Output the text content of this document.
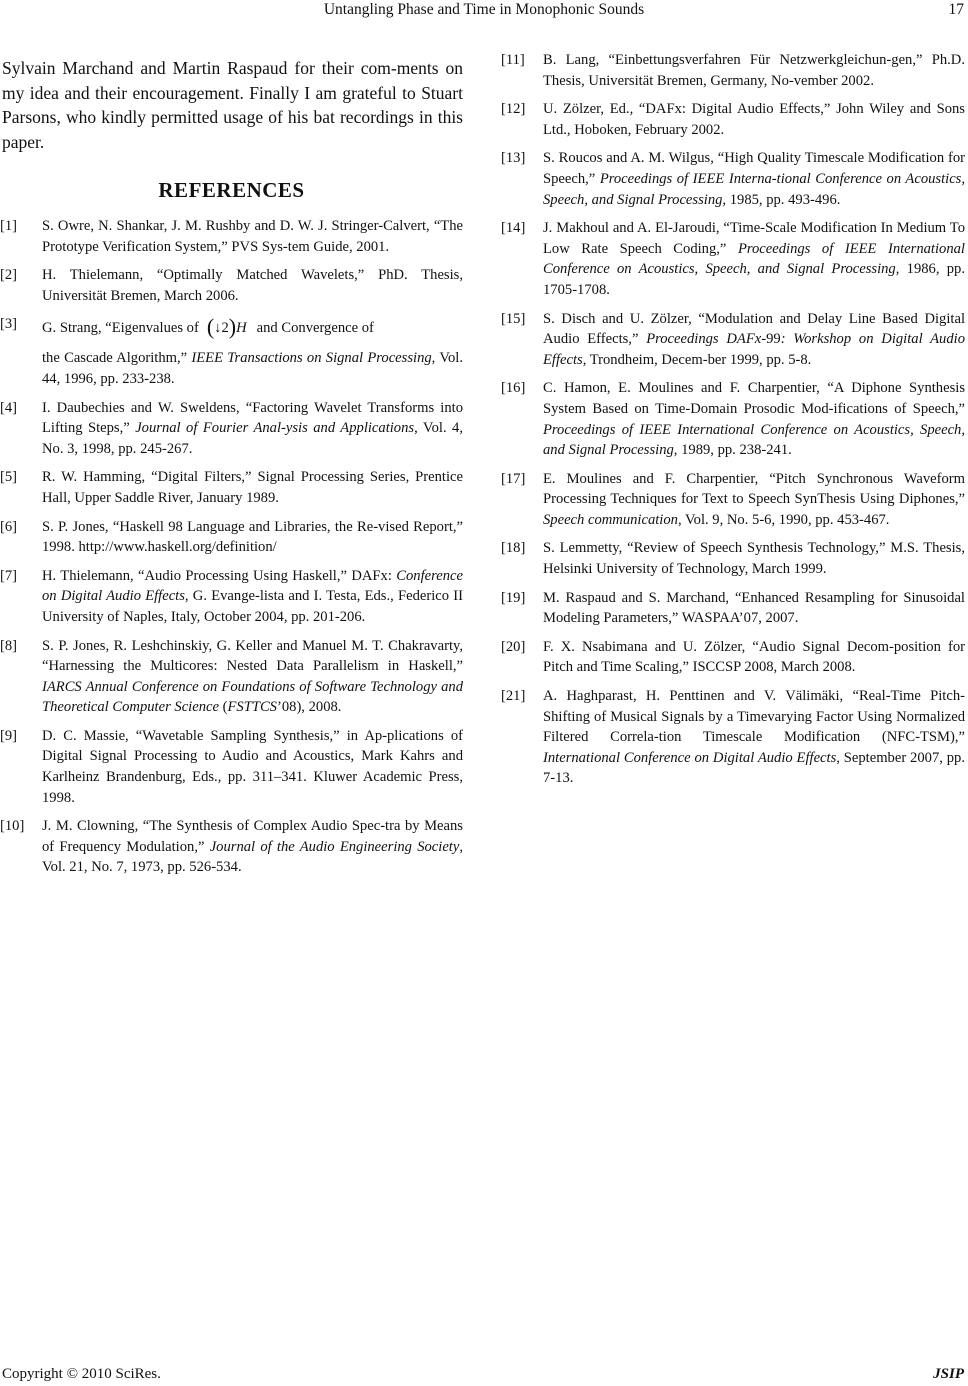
Untangling Phase and Time in Monophonic Sounds	17

Sylvain Marchand and Martin Raspaud for their com-ments on my idea and their encouragement. Finally I am grateful to Stuart Parsons, who kindly permitted usage of his bat recordings in this paper.

REFERENCES
[1]	S. Owre, N. Shankar, J. M. Rushby and D. W. J. Stringer-Calvert, “The Prototype Verification System,” PVS Sys-tem Guide, 2001.
[2]	H. Thielemann, “Optimally Matched Wavelets,” PhD. Thesis, Universität Bremen, March 2006.
[3]	G. Strang, “Eigenvalues of (↓2)H and Convergence of
the Cascade Algorithm,” IEEE Transactions on Signal Processing, Vol. 44, 1996, pp. 233-238.
[4]	I. Daubechies and W. Sweldens, “Factoring Wavelet Transforms into Lifting Steps,” Journal of Fourier Anal-ysis and Applications, Vol. 4, No. 3, 1998, pp. 245-267.
[5]	R. W. Hamming, “Digital Filters,” Signal Processing Series, Prentice Hall, Upper Saddle River, January 1989.
[6]	S. P. Jones, “Haskell 98 Language and Libraries, the Re-vised Report,” 1998. http://www.haskell.org/definition/
[7]	H. Thielemann, “Audio Processing Using Haskell,” DAFx: Conference on Digital Audio Effects, G. Evange-lista and I. Testa, Eds., Federico II University of Naples, Italy, October 2004, pp. 201-206.
[8]	S. P. Jones, R. Leshchinskiy, G. Keller and Manuel M. T. Chakravarty, “Harnessing the Multicores: Nested Data Parallelism in Haskell,” IARCS Annual Conference on Foundations of Software Technology and Theoretical Computer Science (FSTTCS’08), 2008.
[9]	D. C. Massie, “Wavetable Sampling Synthesis,” in Ap-plications of Digital Signal Processing to Audio and Acoustics, Mark Kahrs and Karlheinz Brandenburg, Eds., pp. 311–341. Kluwer Academic Press, 1998.
[10]	J. M. Clowning, “The Synthesis of Complex Audio Spec-tra by Means of Frequency Modulation,” Journal of the Audio Engineering Society, Vol. 21, No. 7, 1973, pp. 526-534.
[11]	B. Lang, “Einbettungsverfahren Für Netzwerkgleichun-gen,” Ph.D. Thesis, Universität Bremen, Germany, No-vember 2002.
[12]	U. Zölzer, Ed., “DAFx: Digital Audio Effects,” John Wiley and Sons Ltd., Hoboken, February 2002.
[13]	S. Roucos and A. M. Wilgus, “High Quality Timescale Modification for Speech,” Proceedings of IEEE Interna-tional Conference on Acoustics, Speech, and Signal Processing, 1985, pp. 493-496.
[14]	J. Makhoul and A. El-Jaroudi, “Time-Scale Modification In Medium To Low Rate Speech Coding,” Proceedings of IEEE International Conference on Acoustics, Speech, and Signal Processing, 1986, pp. 1705-1708.
[15]	S. Disch and U. Zölzer, “Modulation and Delay Line Based Digital Audio Effects,” Proceedings DAFx-99: Workshop on Digital Audio Effects, Trondheim, Decem-ber 1999, pp. 5-8.
[16]	C. Hamon, E. Moulines and F. Charpentier, “A Diphone Synthesis System Based on Time-Domain Prosodic Mod-ifications of Speech,” Proceedings of IEEE International Conference on Acoustics, Speech, and Signal Processing, 1989, pp. 238-241.
[17]	E. Moulines and F. Charpentier, “Pitch Synchronous Waveform Processing Techniques for Text to Speech SynThesis Using Diphones,” Speech communication, Vol. 9, No. 5-6, 1990, pp. 453-467.
[18]	S. Lemmetty, “Review of Speech Synthesis Technology,” M.S. Thesis, Helsinki University of Technology, March 1999.
[19]	M. Raspaud and S. Marchand, “Enhanced Resampling for Sinusoidal Modeling Parameters,” WASPAA’07, 2007.
[20]	F. X. Nsabimana and U. Zölzer, “Audio Signal Decom-position for Pitch and Time Scaling,” ISCCSP 2008, March 2008.
[21]	A. Haghparast, H. Penttinen and V. Välimäki, “Real-Time Pitch-Shifting of Musical Signals by a Timevarying Factor Using Normalized Filtered Correla-tion Timescale Modification (NFC-TSM),” International Conference on Digital Audio Effects, September 2007, pp. 7-13.
Copyright © 2010 SciRes.	JSIP
